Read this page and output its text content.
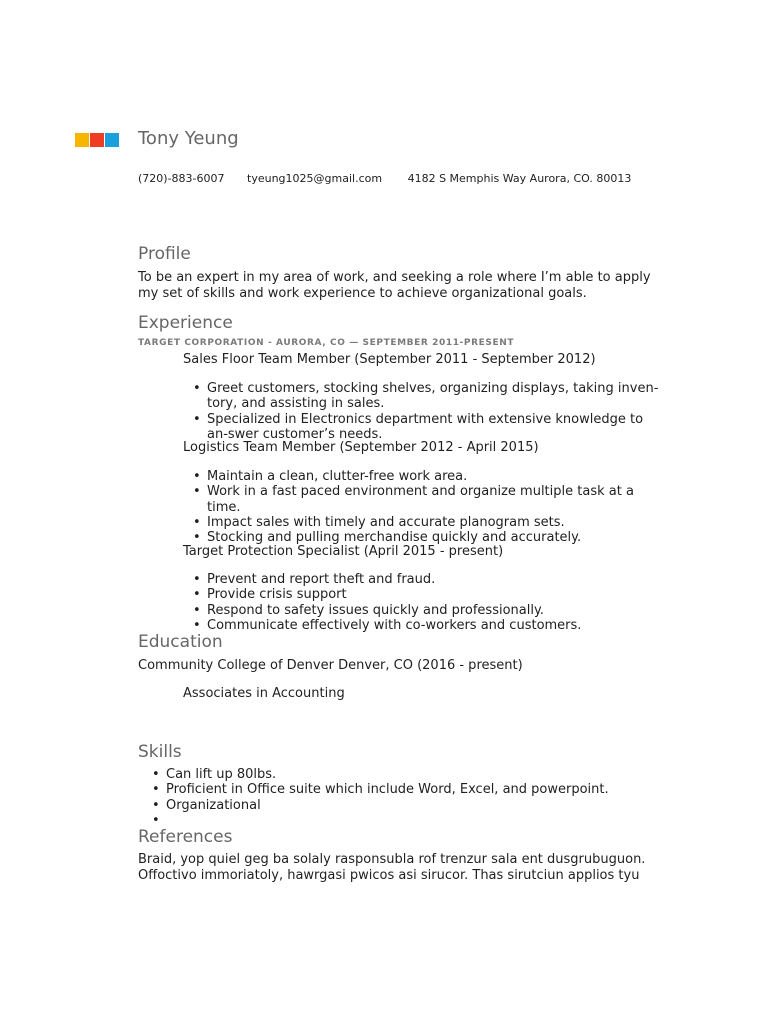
Tony Yeung
(720)-883-6007 tyeung1025@gmail.com 4182 S Memphis Way Aurora, CO. 80013
Profile

To be an expert in my area of work, and seeking a role where I’m able to apply my set of skills and work experience to achieve organizational goals.

Experience
TARGET CORPORATION - AURORA, CO — SEPTEMBER 2011-PRESENT

Sales Floor Team Member (September 2011 - September 2012)

• Greet customers, stocking shelves, organizing displays, taking inven-tory, and assisting in sales.
• Specialized in Electronics department with extensive knowledge to an-swer customer’s needs.

Logistics Team Member (September 2012 - April 2015)

• Maintain a clean, clutter-free work area.
• Work in a fast paced environment and organize multiple task at a time.
• Impact sales with timely and accurate planogram sets.
• Stocking and pulling merchandise quickly and accurately.

Target Protection Specialist (April 2015 - present)

• Prevent and report theft and fraud.
• Provide crisis support
• Respond to safety issues quickly and professionally.
• Communicate effectively with co-workers and customers.
Education

Community College of Denver Denver, CO (2016 - present)

Associates in Accounting

Skills
• Can lift up 80lbs.
• Proficient in Office suite which include Word, Excel, and powerpoint.
• Organizational
•
References

Braid, yop quiel geg ba solaly rasponsubla rof trenzur sala ent dusgrubuguon. Offoctivo immoriatoly, hawrgasi pwicos asi sirucor. Thas sirutciun applios tyu
